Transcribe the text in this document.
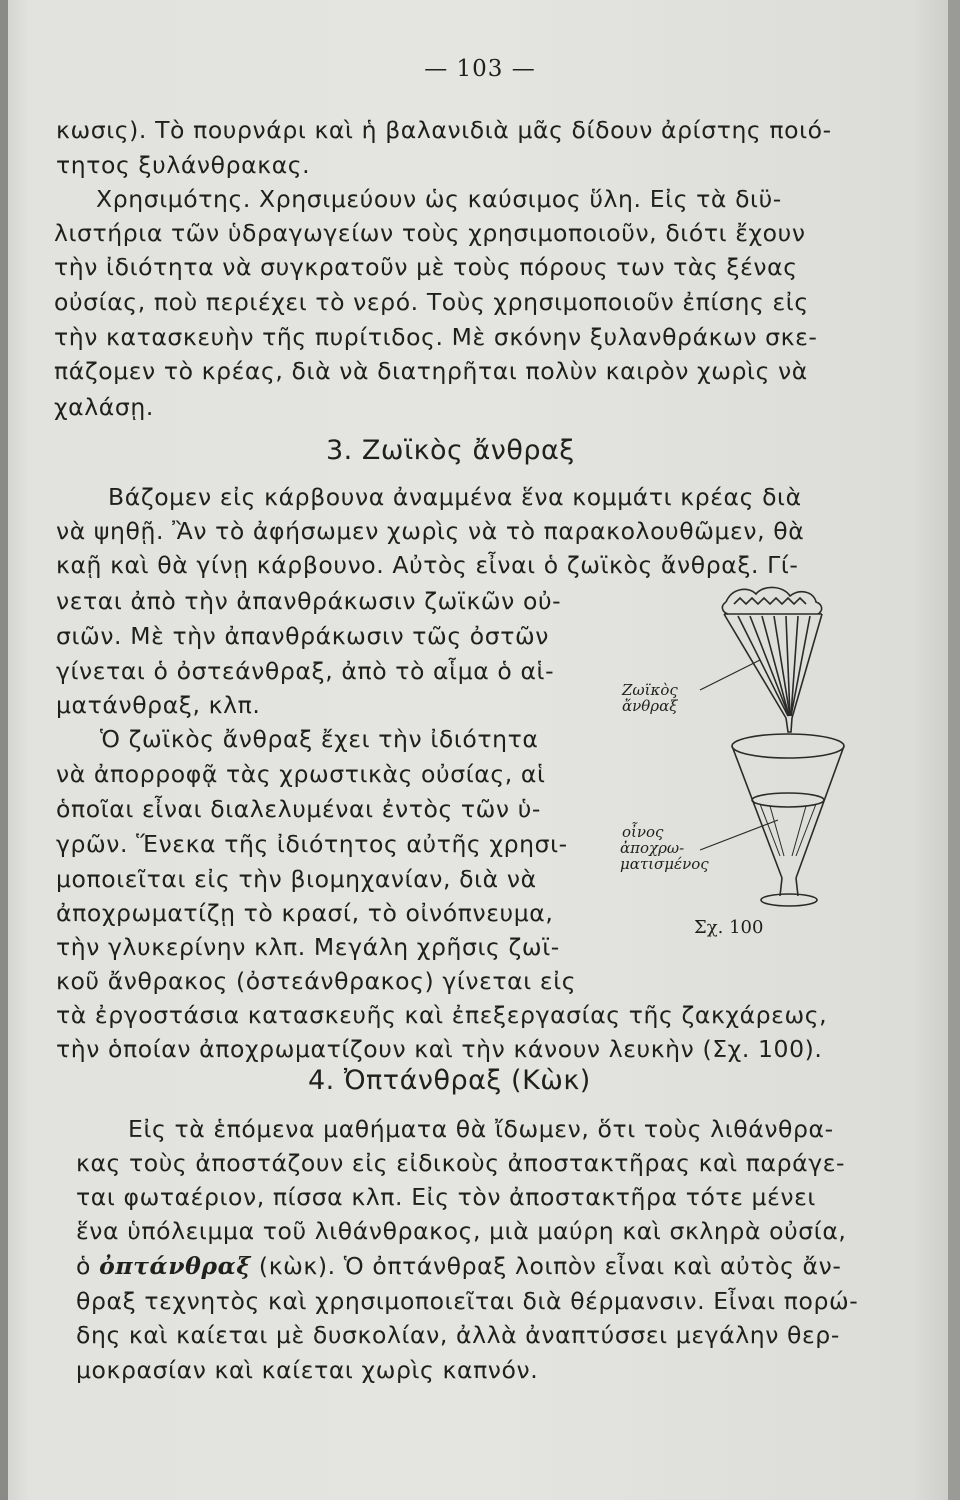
— 103 —
κωσις). Τὸ πουρνάρι καὶ ἡ βαλανιδιὰ μᾶς δίδουν ἀρίστης ποιό-
τητος ξυλάνθρακας.
Χρησιμότης. Χρησιμεύουν ὡς καύσιμος ὕλη. Εἰς τὰ διϋ-
λιστήρια τῶν ὑδραγωγείων τοὺς χρησιμοποιοῦν, διότι ἔχουν
τὴν ἰδιότητα νὰ συγκρατοῦν μὲ τοὺς πόρους των τὰς ξένας
οὐσίας, ποὺ περιέχει τὸ νερό. Τοὺς χρησιμοποιοῦν ἐπίσης εἰς
τὴν κατασκευὴν τῆς πυρίτιδος. Μὲ σκόνην ξυλανθράκων σκε-
πάζομεν τὸ κρέας, διὰ νὰ διατηρῆται πολὺν καιρὸν χωρὶς νὰ
χαλάσῃ.
3. Ζωϊκὸς ἄνθραξ
Βάζομεν εἰς κάρβουνα ἀναμμένα ἕνα κομμάτι κρέας διὰ
νὰ ψηθῇ. Ἂν τὸ ἀφήσωμεν χωρὶς νὰ τὸ παρακολουθῶμεν, θὰ
καῇ καὶ θὰ γίνῃ κάρβουνο. Αὐτὸς εἶναι ὁ ζωϊκὸς ἄνθραξ. Γί-
νεται ἀπὸ τὴν ἀπανθράκωσιν ζωϊκῶν οὐ-
σιῶν. Μὲ τὴν ἀπανθράκωσιν τῶς ὀστῶν
γίνεται ὁ ὀστεάνθραξ, ἀπὸ τὸ αἷμα ὁ αἱ-
ματάνθραξ, κλπ.
Ὁ ζωϊκὸς ἄνθραξ ἔχει τὴν ἰδιότητα
νὰ ἀπορροφᾷ τὰς χρωστικὰς οὐσίας, αἱ
ὁποῖαι εἶναι διαλελυμέναι ἐντὸς τῶν ὑ-
γρῶν. Ἕνεκα τῆς ἰδιότητος αὐτῆς χρησι-
μοποιεῖται εἰς τὴν βιομηχανίαν, διὰ νὰ
ἀποχρωματίζῃ τὸ κρασί, τὸ οἰνόπνευμα,
τὴν γλυκερίνην κλπ. Μεγάλη χρῆσις ζωϊ-
κοῦ ἄνθρακος (ὀστεάνθρακος) γίνεται εἰς
τὰ ἐργοστάσια κατασκευῆς καὶ ἐπεξεργασίας τῆς ζακχάρεως,
τὴν ὁποίαν ἀποχρωματίζουν καὶ τὴν κάνουν λευκὴν (Σχ. 100).
Ζωϊκὸς
ἄνθραξ
οἶνος
ἀποχρω-
ματισμένος
Σχ. 100
4. Ὀπτάνθραξ (Κὼκ)
Εἰς τὰ ἑπόμενα μαθήματα θὰ ἴδωμεν, ὅτι τοὺς λιθάνθρα-
κας τοὺς ἀποστάζουν εἰς εἰδικοὺς ἀποστακτῆρας καὶ παράγε-
ται φωταέριον, πίσσα κλπ. Εἰς τὸν ἀποστακτῆρα τότε μένει
ἕνα ὑπόλειμμα τοῦ λιθάνθρακος, μιὰ μαύρη καὶ σκληρὰ οὐσία,
ὁ ὀπτάνθραξ (κὼκ). Ὁ ὀπτάνθραξ λοιπὸν εἶναι καὶ αὐτὸς ἄν-
θραξ τεχνητὸς καὶ χρησιμοποιεῖται διὰ θέρμανσιν. Εἶναι πορώ-
δης καὶ καίεται μὲ δυσκολίαν, ἀλλὰ ἀναπτύσσει μεγάλην θερ-
μοκρασίαν καὶ καίεται χωρὶς καπνόν.
